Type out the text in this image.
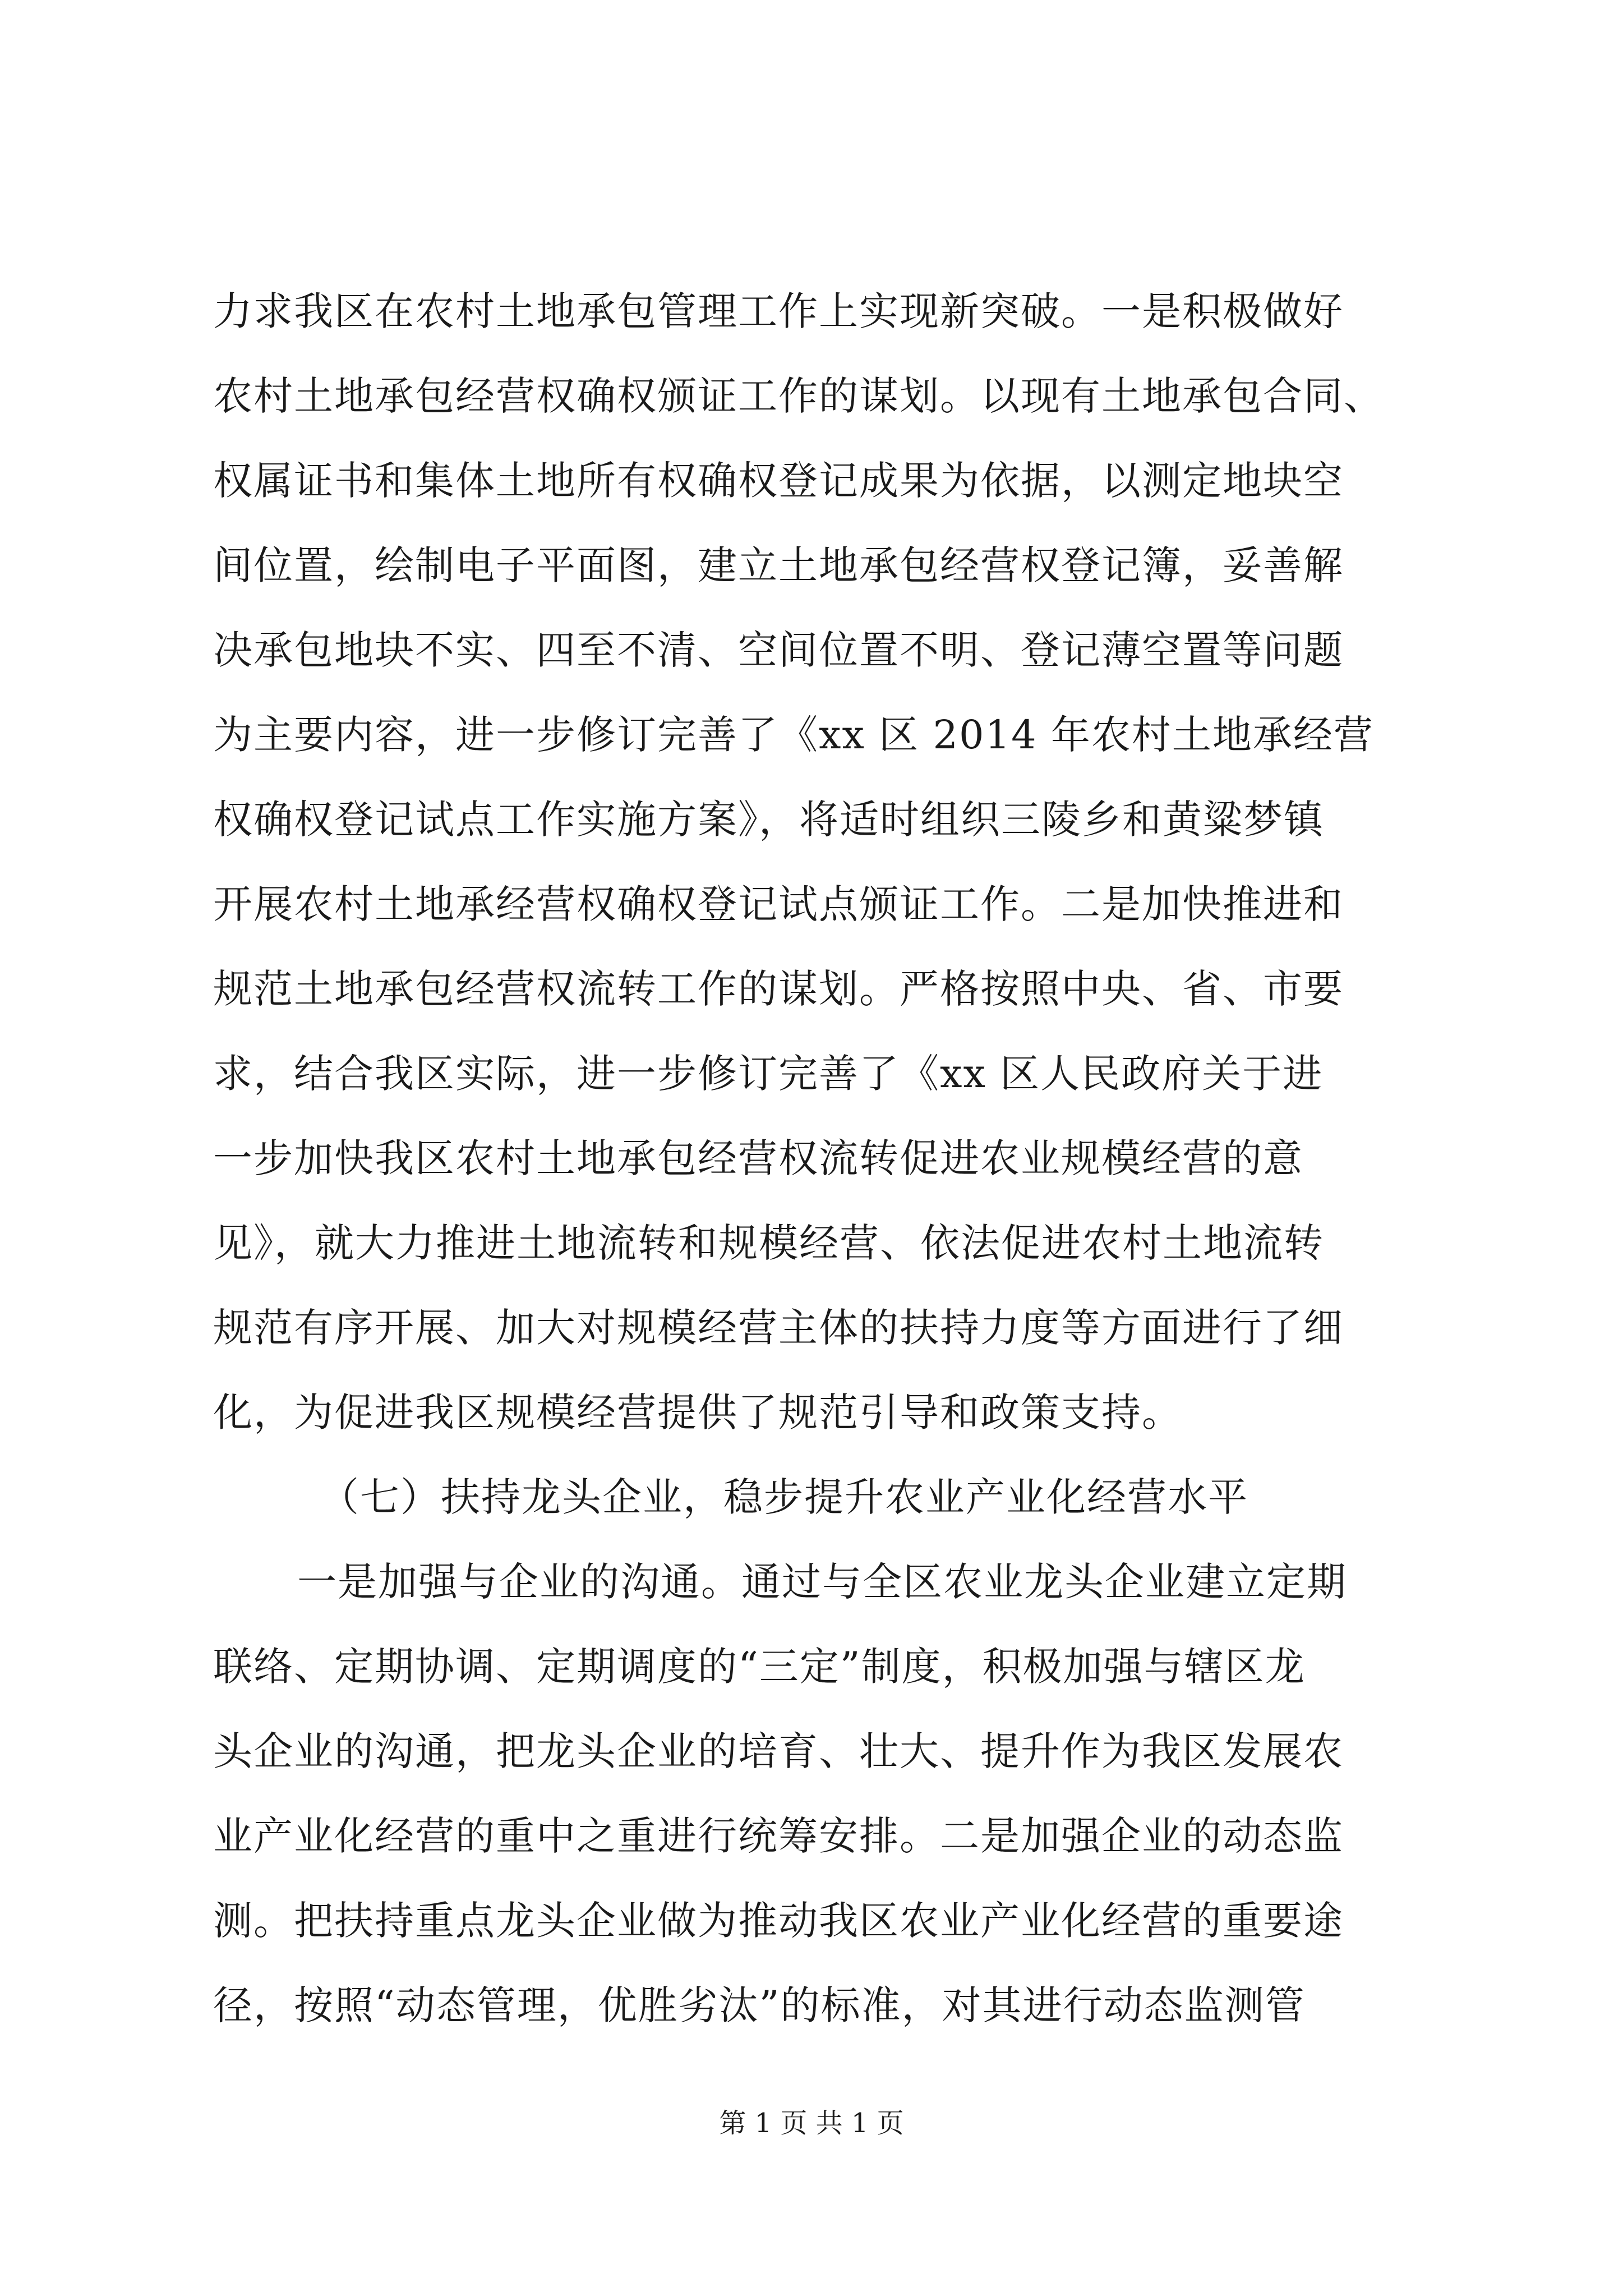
力求我区在农村土地承包管理工作上实现新突破。一是积极做好
农村土地承包经营权确权颁证工作的谋划。以现有土地承包合同、
权属证书和集体土地所有权确权登记成果为依据，以测定地块空
间位置，绘制电子平面图，建立土地承包经营权登记簿，妥善解
决承包地块不实、四至不清、空间位置不明、登记薄空置等问题
为主要内容，进一步修订完善了《xx 区 2014 年农村土地承经营
权确权登记试点工作实施方案》，将适时组织三陵乡和黄粱梦镇
开展农村土地承经营权确权登记试点颁证工作。二是加快推进和
规范土地承包经营权流转工作的谋划。严格按照中央、省、市要
求，结合我区实际，进一步修订完善了《xx 区人民政府关于进
一步加快我区农村土地承包经营权流转促进农业规模经营的意
见》，就大力推进土地流转和规模经营、依法促进农村土地流转
规范有序开展、加大对规模经营主体的扶持力度等方面进行了细
化，为促进我区规模经营提供了规范引导和政策支持。
（七）扶持龙头企业，稳步提升农业产业化经营水平
一是加强与企业的沟通。通过与全区农业龙头企业建立定期
联络、定期协调、定期调度的“三定”制度，积极加强与辖区龙
头企业的沟通，把龙头企业的培育、壮大、提升作为我区发展农
业产业化经营的重中之重进行统筹安排。二是加强企业的动态监
测。把扶持重点龙头企业做为推动我区农业产业化经营的重要途
径，按照“动态管理，优胜劣汰”的标准，对其进行动态监测管
第 1 页 共 1 页
